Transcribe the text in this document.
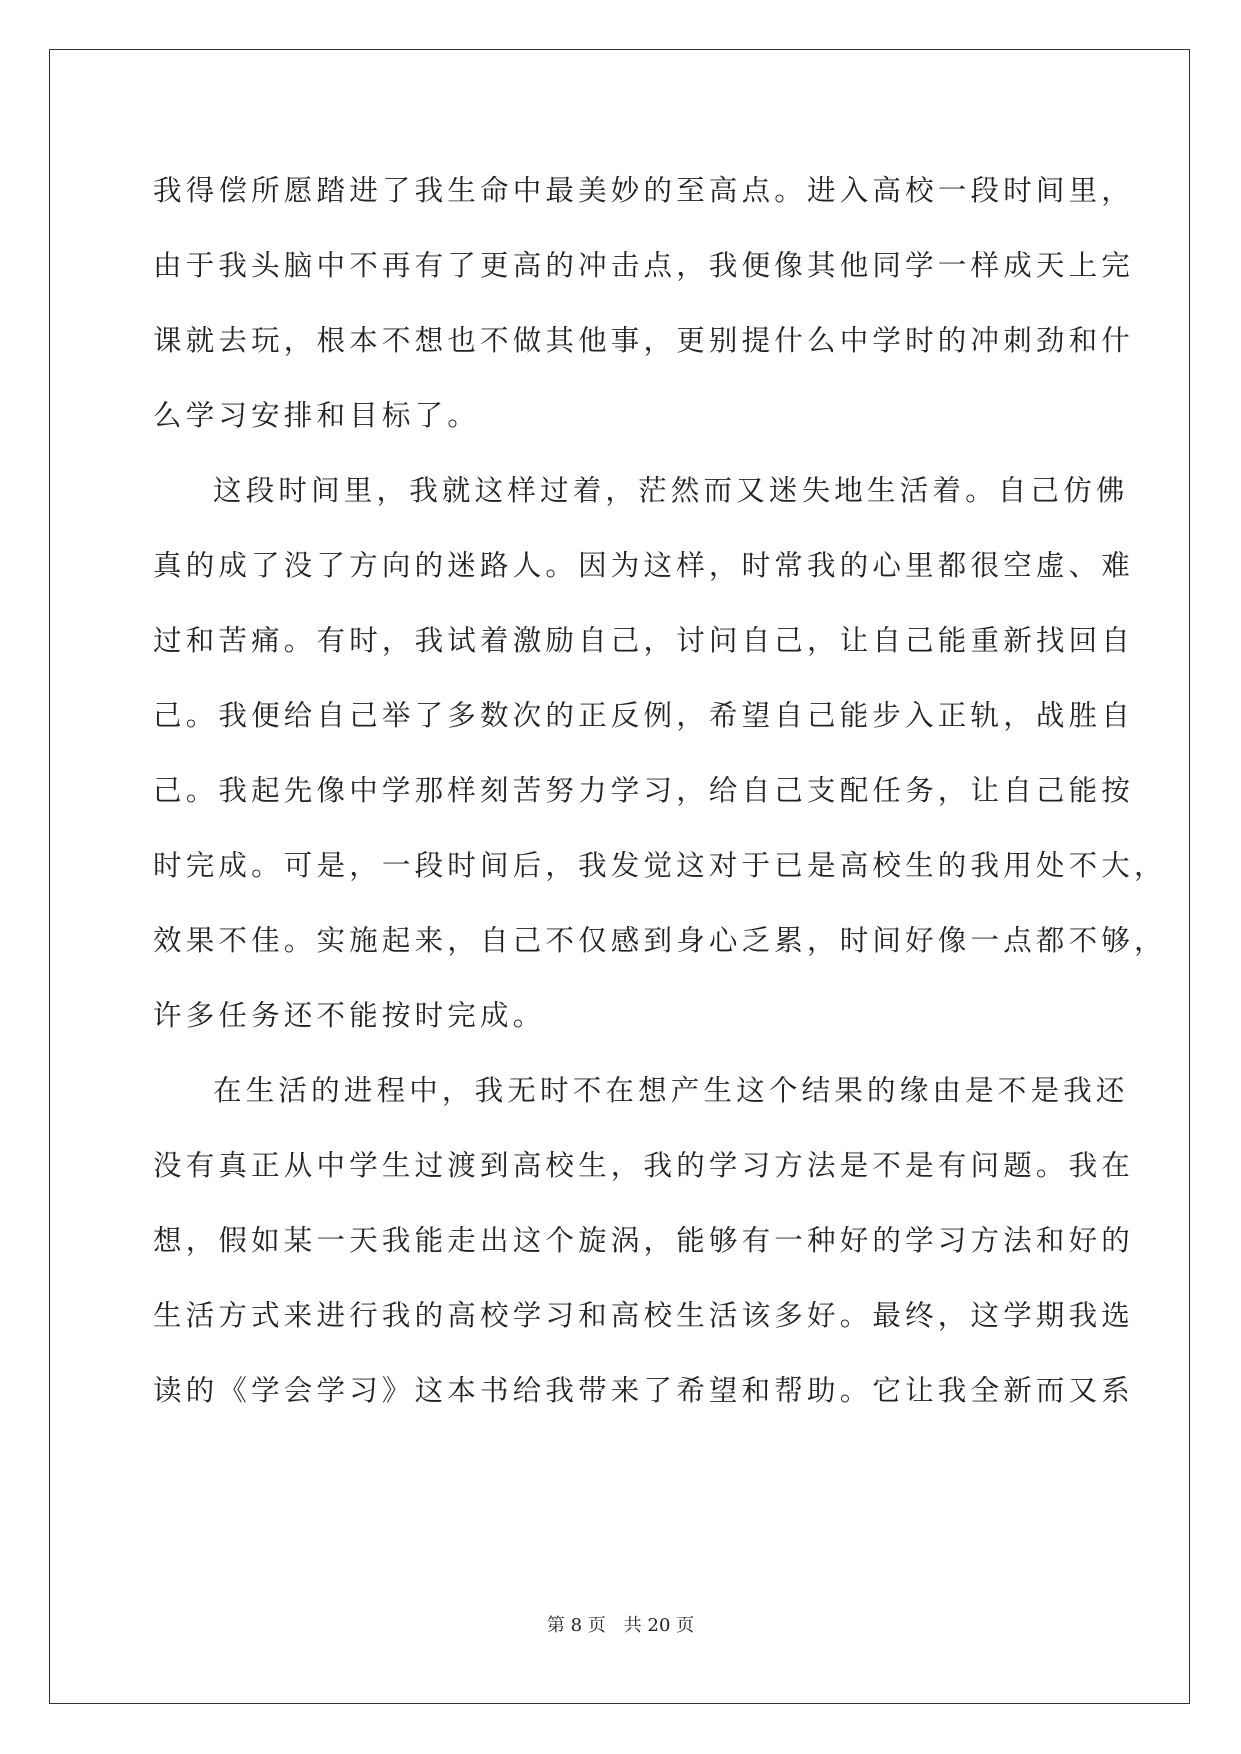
我得偿所愿踏进了我生命中最美妙的至高点。进入高校一段时间里，
由于我头脑中不再有了更高的冲击点，我便像其他同学一样成天上完
课就去玩，根本不想也不做其他事，更别提什么中学时的冲刺劲和什
么学习安排和目标了。
这段时间里，我就这样过着，茫然而又迷失地生活着。自己仿佛
真的成了没了方向的迷路人。因为这样，时常我的心里都很空虚、难
过和苦痛。有时，我试着激励自己，讨问自己，让自己能重新找回自
己。我便给自己举了多数次的正反例，希望自己能步入正轨，战胜自
己。我起先像中学那样刻苦努力学习，给自己支配任务，让自己能按
时完成。可是，一段时间后，我发觉这对于已是高校生的我用处不大，
效果不佳。实施起来，自己不仅感到身心乏累，时间好像一点都不够，
许多任务还不能按时完成。
在生活的进程中，我无时不在想产生这个结果的缘由是不是我还
没有真正从中学生过渡到高校生，我的学习方法是不是有问题。我在
想，假如某一天我能走出这个旋涡，能够有一种好的学习方法和好的
生活方式来进行我的高校学习和高校生活该多好。最终，这学期我选
读的《学会学习》这本书给我带来了希望和帮助。它让我全新而又系
第 8 页　共 20 页
